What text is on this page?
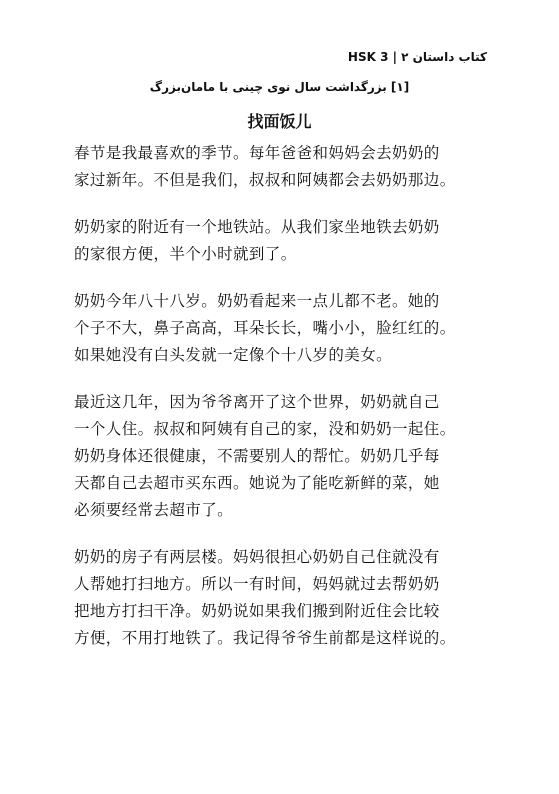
کتاب داستان HSK 3 | ۲
[۱] بزرگداشت سال نوی چینی با مامان‌بزرگ
找面饭儿
春节是我最喜欢的季节。每年爸爸和妈妈会去奶奶的
家过新年。不但是我们，叔叔和阿姨都会去奶奶那边。
奶奶家的附近有一个地铁站。从我们家坐地铁去奶奶
的家很方便，半个小时就到了。
奶奶今年八十八岁。奶奶看起来一点儿都不老。她的
个子不大，鼻子高高，耳朵长长，嘴小小，脸红红的。
如果她没有白头发就一定像个十八岁的美女。
最近这几年，因为爷爷离开了这个世界，奶奶就自己
一个人住。叔叔和阿姨有自己的家，没和奶奶一起住。
奶奶身体还很健康，不需要别人的帮忙。奶奶几乎每
天都自己去超市买东西。她说为了能吃新鲜的菜，她
必须要经常去超市了。
奶奶的房子有两层楼。妈妈很担心奶奶自己住就没有
人帮她打扫地方。所以一有时间，妈妈就过去帮奶奶
把地方打扫干净。奶奶说如果我们搬到附近住会比较
方便，不用打地铁了。我记得爷爷生前都是这样说的。
